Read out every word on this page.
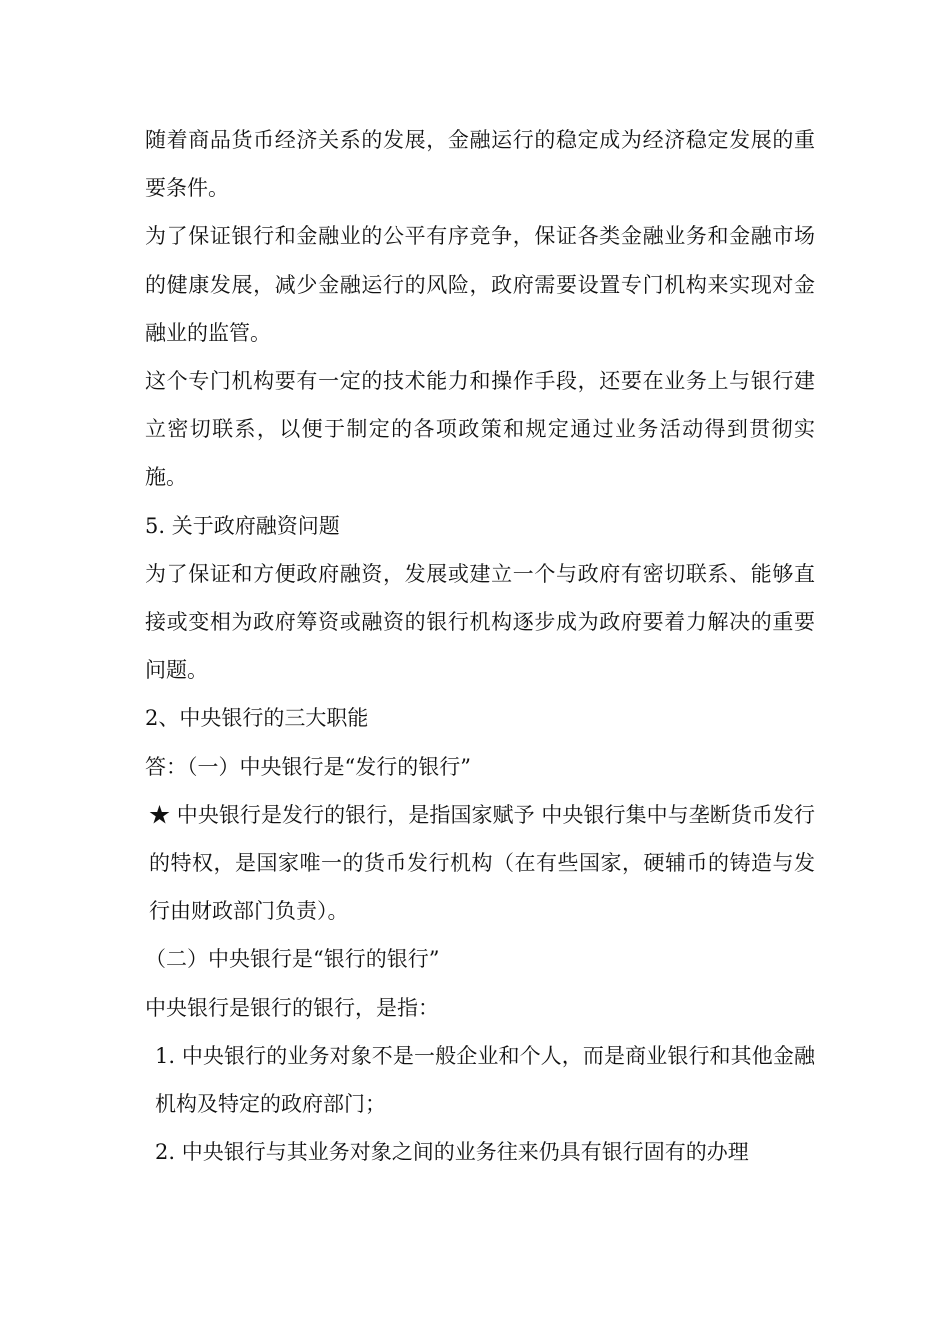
随着商品货币经济关系的发展，金融运行的稳定成为经济稳定发展的重要条件。

为了保证银行和金融业的公平有序竞争，保证各类金融业务和金融市场的健康发展，减少金融运行的风险，政府需要设置专门机构来实现对金融业的监管。

这个专门机构要有一定的技术能力和操作手段，还要在业务上与银行建立密切联系，以便于制定的各项政策和规定通过业务活动得到贯彻实施。

5. 关于政府融资问题

为了保证和方便政府融资，发展或建立一个与政府有密切联系、能够直接或变相为政府筹资或融资的银行机构逐步成为政府要着力解决的重要问题。

2、中央银行的三大职能

答：（一）中央银行是“发行的银行”

★ 中央银行是发行的银行，是指国家赋予 中央银行集中与垄断货币发行的特权，是国家唯一的货币发行机构（在有些国家，硬辅币的铸造与发行由财政部门负责）。

（二）中央银行是“银行的银行”

中央银行是银行的银行，是指：

1. 中央银行的业务对象不是一般企业和个人，而是商业银行和其他金融机构及特定的政府部门；

2. 中央银行与其业务对象之间的业务往来仍具有银行固有的办理
